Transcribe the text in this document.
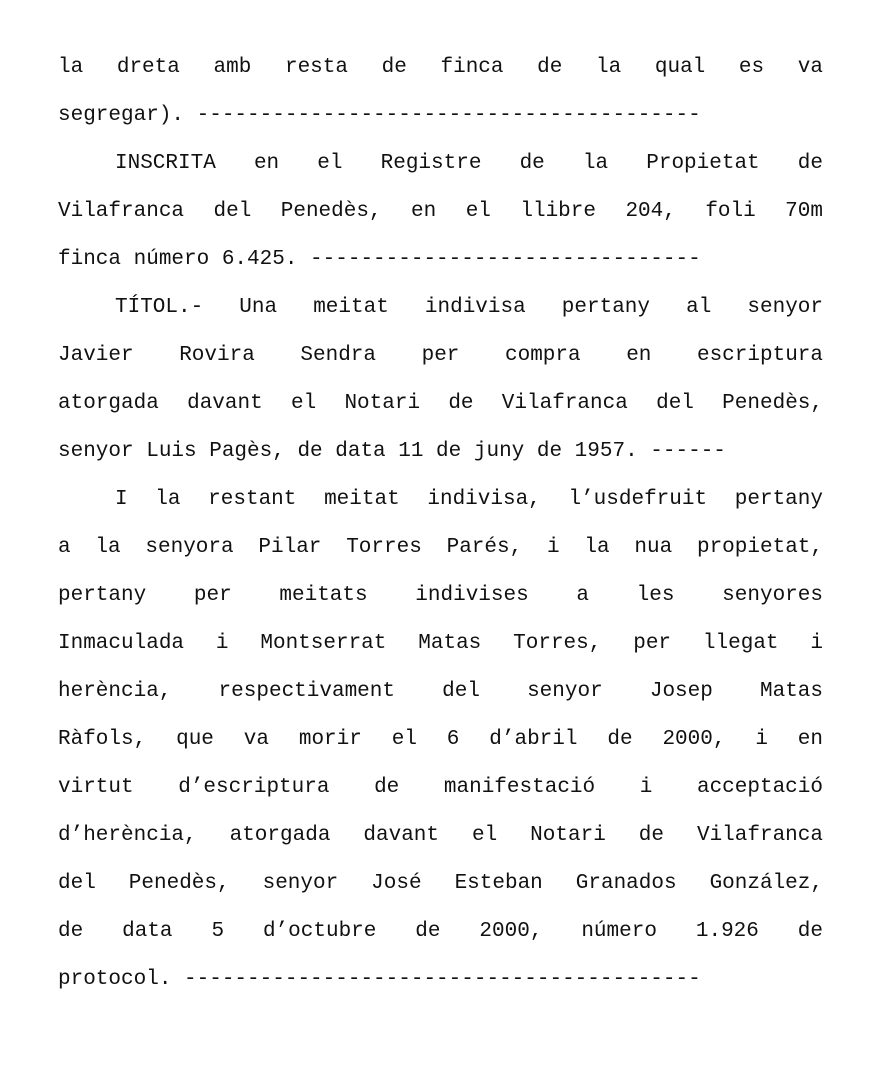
la dreta amb resta de finca de la qual es va
segregar). ----------------------------------------
INSCRITA en el Registre de la Propietat de
Vilafranca del Penedès, en el llibre 204, foli 70m
finca número 6.425. -------------------------------
TÍTOL.- Una meitat indivisa pertany al senyor
Javier Rovira Sendra per compra en escriptura
atorgada davant el Notari de Vilafranca del Penedès,
senyor Luis Pagès, de data 11 de juny de 1957. ------
I la restant meitat indivisa, l’usdefruit pertany
a la senyora Pilar Torres Parés, i la nua propietat,
pertany per meitats indivises a les senyores
Inmaculada i Montserrat Matas Torres, per llegat i
herència, respectivament del senyor Josep Matas
Ràfols, que va morir el 6 d’abril de 2000, i en
virtut d’escriptura de manifestació i acceptació
d’herència, atorgada davant el Notari de Vilafranca
del Penedès, senyor José Esteban Granados González,
de data 5 d’octubre de 2000, número 1.926 de
protocol. -----------------------------------------
